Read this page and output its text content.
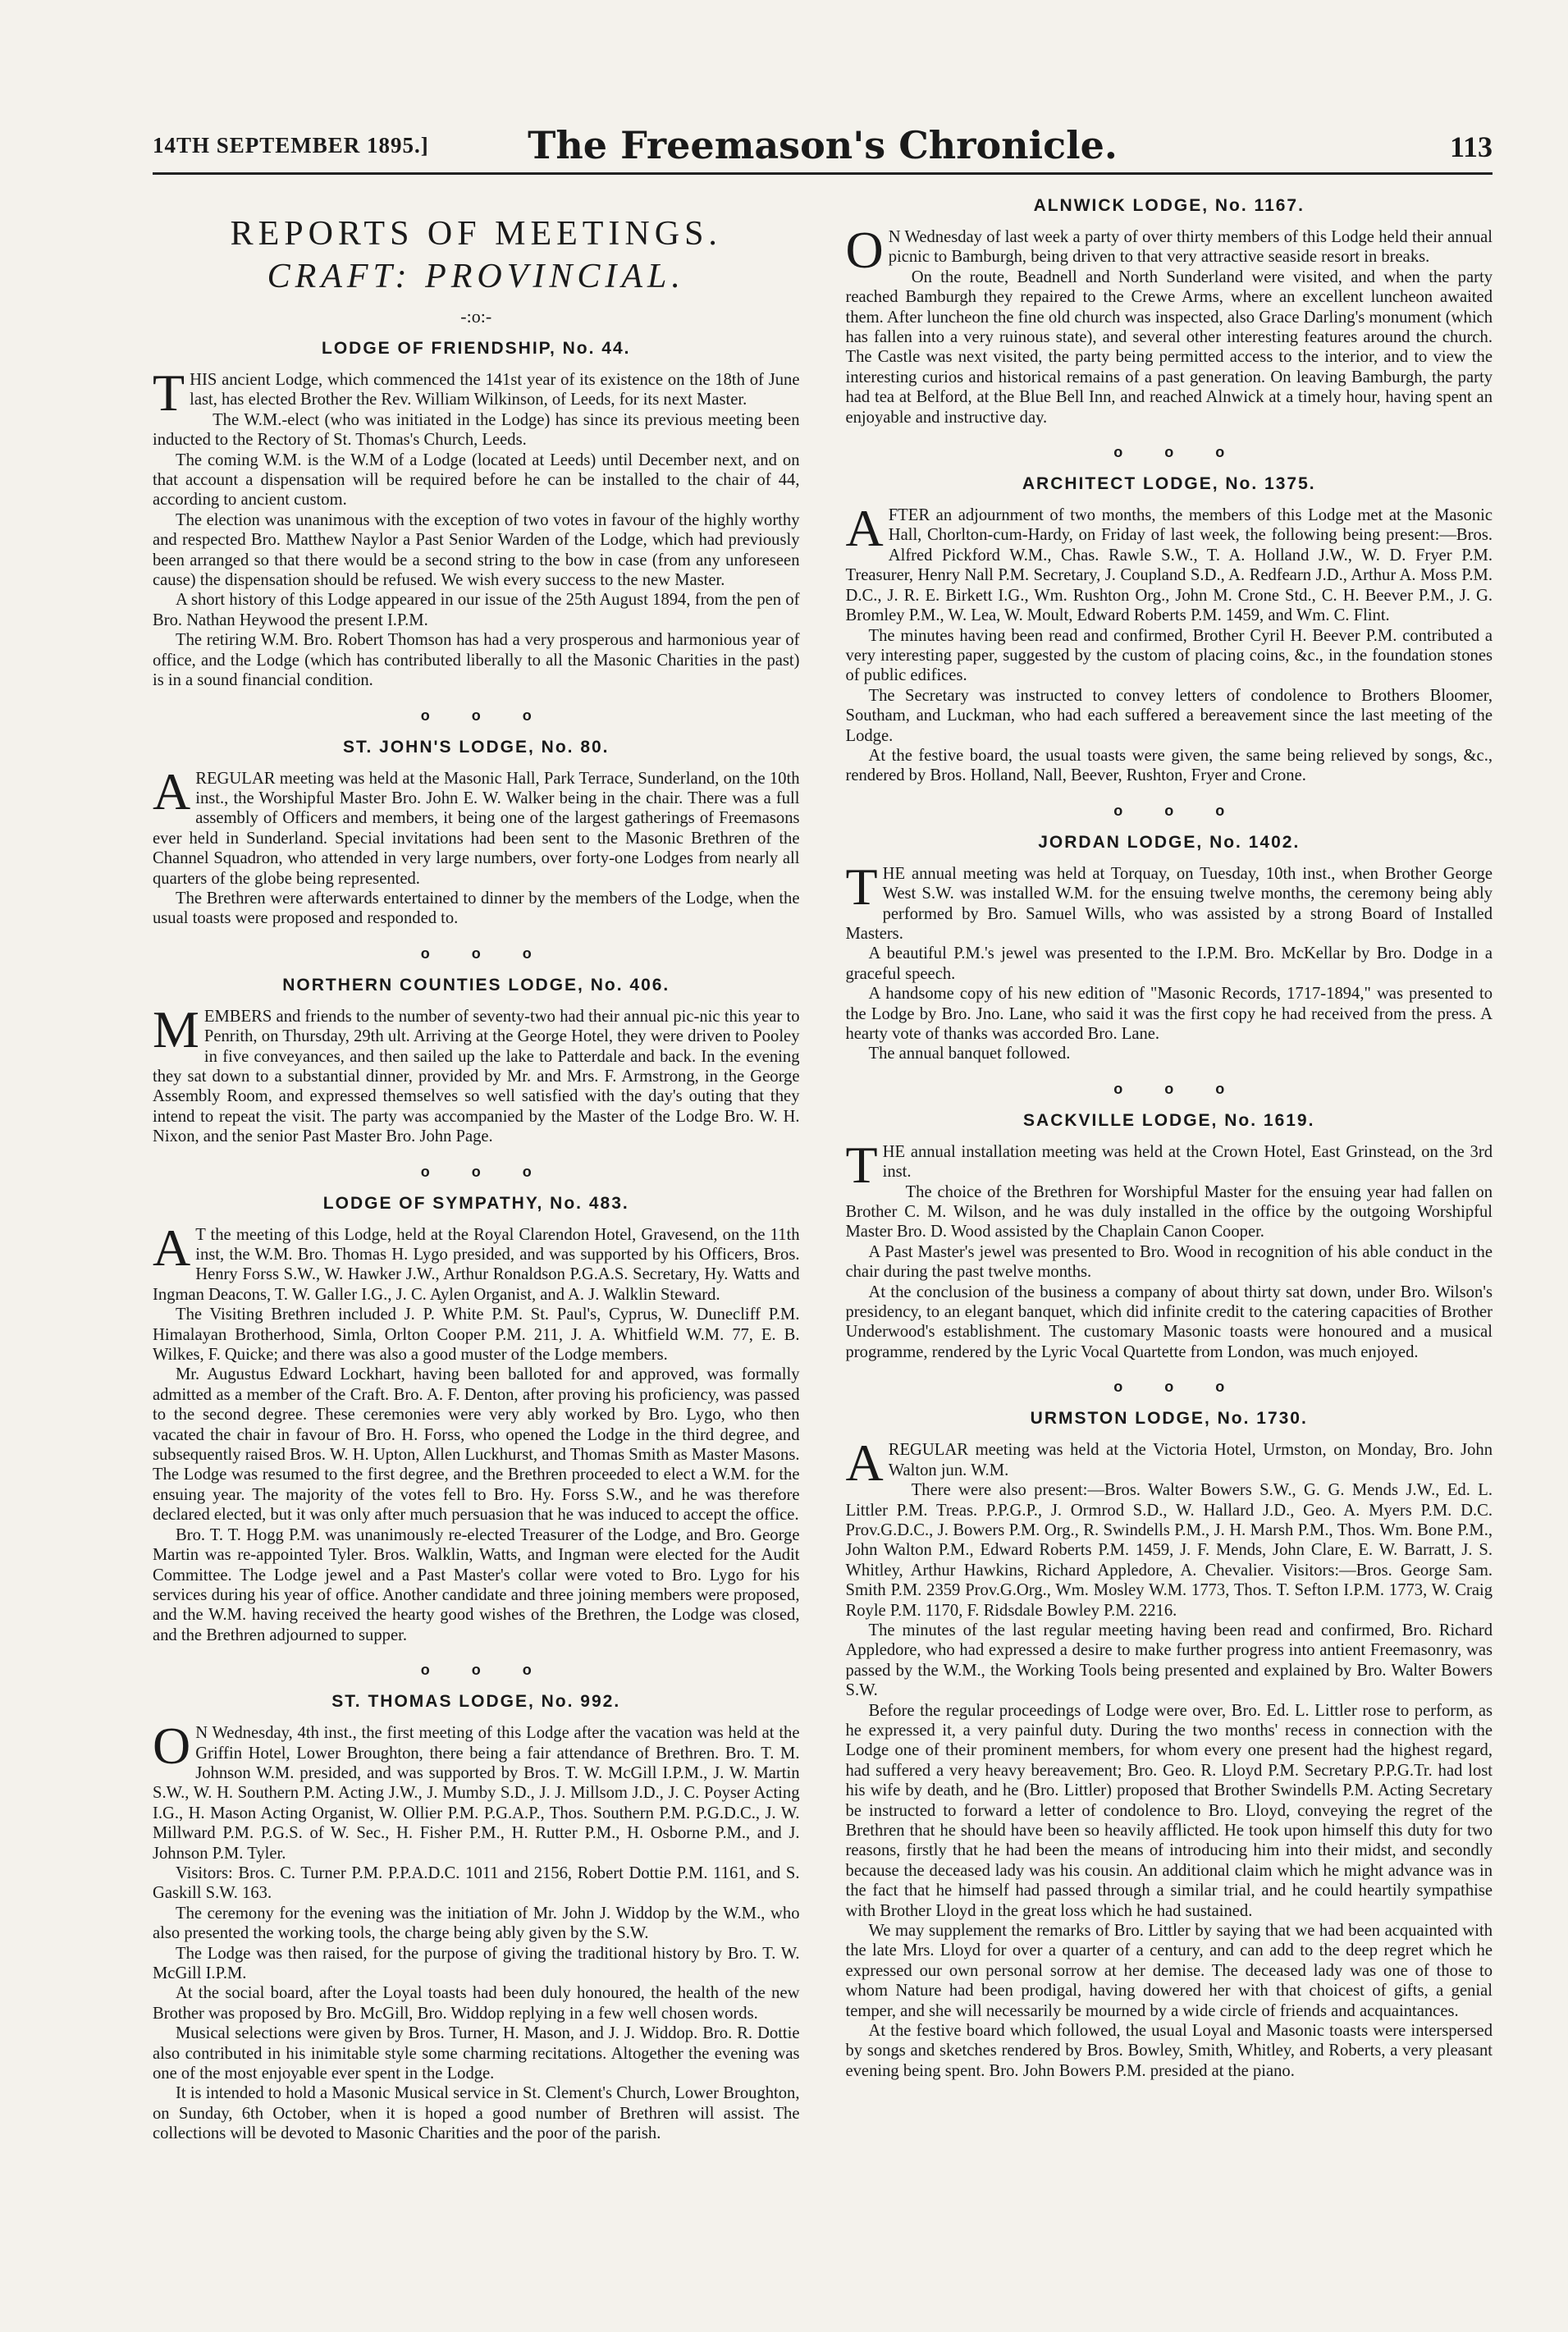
14TH SEPTEMBER 1895.]	The Freemason's Chronicle.	113
REPORTS OF MEETINGS.
CRAFT: PROVINCIAL.
-:o:-
LODGE OF FRIENDSHIP, No. 44.

THIS ancient Lodge, which commenced the 141st year of its existence on the 18th of June last, has elected Brother the Rev. William Wilkinson, of Leeds, for its next Master.

The W.M.-elect (who was initiated in the Lodge) has since its previous meeting been inducted to the Rectory of St. Thomas's Church, Leeds.

The coming W.M. is the W.M of a Lodge (located at Leeds) until December next, and on that account a dispensation will be required before he can be installed to the chair of 44, according to ancient custom.

The election was unanimous with the exception of two votes in favour of the highly worthy and respected Bro. Matthew Naylor a Past Senior Warden of the Lodge, which had previously been arranged so that there would be a second string to the bow in case (from any unforeseen cause) the dispensation should be refused. We wish every success to the new Master.

A short history of this Lodge appeared in our issue of the 25th August 1894, from the pen of Bro. Nathan Heywood the present I.P.M.

The retiring W.M. Bro. Robert Thomson has had a very prosperous and harmonious year of office, and the Lodge (which has contributed liberally to all the Masonic Charities in the past) is in a sound financial condition.

o o o
ST. JOHN'S LODGE, No. 80.

AREGULAR meeting was held at the Masonic Hall, Park Terrace, Sunderland, on the 10th inst., the Worshipful Master Bro. John E. W. Walker being in the chair. There was a full assembly of Officers and members, it being one of the largest gatherings of Freemasons ever held in Sunderland. Special invitations had been sent to the Masonic Brethren of the Channel Squadron, who attended in very large numbers, over forty-one Lodges from nearly all quarters of the globe being represented.

The Brethren were afterwards entertained to dinner by the members of the Lodge, when the usual toasts were proposed and responded to.

o o o
NORTHERN COUNTIES LODGE, No. 406.

MEMBERS and friends to the number of seventy-two had their annual pic-nic this year to Penrith, on Thursday, 29th ult. Arriving at the George Hotel, they were driven to Pooley in five conveyances, and then sailed up the lake to Patterdale and back. In the evening they sat down to a substantial dinner, provided by Mr. and Mrs. F. Armstrong, in the George Assembly Room, and expressed themselves so well satisfied with the day's outing that they intend to repeat the visit. The party was accompanied by the Master of the Lodge Bro. W. H. Nixon, and the senior Past Master Bro. John Page.

o o o
LODGE OF SYMPATHY, No. 483.

A T the meeting of this Lodge, held at the Royal Clarendon Hotel, Gravesend, on the 11th inst, the W.M. Bro. Thomas H. Lygo presided, and was supported by his Officers, Bros. Henry Forss S.W., W. Hawker J.W., Arthur Ronaldson P.G.A.S. Secretary, Hy. Watts and Ingman Deacons, T. W. Galler I.G., J. C. Aylen Organist, and A. J. Walklin Steward.

The Visiting Brethren included J. P. White P.M. St. Paul's, Cyprus, W. Dunecliff P.M. Himalayan Brotherhood, Simla, Orlton Cooper P.M. 211, J. A. Whitfield W.M. 77, E. B. Wilkes, F. Quicke; and there was also a good muster of the Lodge members.

Mr. Augustus Edward Lockhart, having been balloted for and approved, was formally admitted as a member of the Craft. Bro. A. F. Denton, after proving his proficiency, was passed to the second degree. These ceremonies were very ably worked by Bro. Lygo, who then vacated the chair in favour of Bro. H. Forss, who opened the Lodge in the third degree, and subsequently raised Bros. W. H. Upton, Allen Luckhurst, and Thomas Smith as Master Masons. The Lodge was resumed to the first degree, and the Brethren proceeded to elect a W.M. for the ensuing year. The majority of the votes fell to Bro. Hy. Forss S.W., and he was therefore declared elected, but it was only after much persuasion that he was induced to accept the office.

Bro. T. T. Hogg P.M. was unanimously re-elected Treasurer of the Lodge, and Bro. George Martin was re-appointed Tyler. Bros. Walklin, Watts, and Ingman were elected for the Audit Committee. The Lodge jewel and a Past Master's collar were voted to Bro. Lygo for his services during his year of office. Another candidate and three joining members were proposed, and the W.M. having received the hearty good wishes of the Brethren, the Lodge was closed, and the Brethren adjourned to supper.

o o o
ST. THOMAS LODGE, No. 992.

O N Wednesday, 4th inst., the first meeting of this Lodge after the vacation was held at the Griffin Hotel, Lower Broughton, there being a fair attendance of Brethren. Bro. T. M. Johnson W.M. presided, and was supported by Bros. T. W. McGill I.P.M., J. W. Martin S.W., W. H. Southern P.M. Acting J.W., J. Mumby S.D., J. J. Millsom J.D., J. C. Poyser Acting I.G., H. Mason Acting Organist, W. Ollier P.M. P.G.A.P., Thos. Southern P.M. P.G.D.C., J. W. Millward P.M. P.G.S. of W. Sec., H. Fisher P.M., H. Rutter P.M., H. Osborne P.M., and J. Johnson P.M. Tyler.

Visitors: Bros. C. Turner P.M. P.P.A.D.C. 1011 and 2156, Robert Dottie P.M. 1161, and S. Gaskill S.W. 163.

The ceremony for the evening was the initiation of Mr. John J. Widdop by the W.M., who also presented the working tools, the charge being ably given by the S.W.

The Lodge was then raised, for the purpose of giving the traditional history by Bro. T. W. McGill I.P.M.

At the social board, after the Loyal toasts had been duly honoured, the health of the new Brother was proposed by Bro. McGill, Bro. Widdop replying in a few well chosen words.

Musical selections were given by Bros. Turner, H. Mason, and J. J. Widdop. Bro. R. Dottie also contributed in his inimitable style some charming recitations. Altogether the evening was one of the most enjoyable ever spent in the Lodge.

It is intended to hold a Masonic Musical service in St. Clement's Church, Lower Broughton, on Sunday, 6th October, when it is hoped a good number of Brethren will assist. The collections will be devoted to Masonic Charities and the poor of the parish.

ALNWICK LODGE, No. 1167.

O N Wednesday of last week a party of over thirty members of this Lodge held their annual picnic to Bamburgh, being driven to that very attractive seaside resort in breaks.

On the route, Beadnell and North Sunderland were visited, and when the party reached Bamburgh they repaired to the Crewe Arms, where an excellent luncheon awaited them. After luncheon the fine old church was inspected, also Grace Darling's monument (which has fallen into a very ruinous state), and several other interesting features around the church. The Castle was next visited, the party being permitted access to the interior, and to view the interesting curios and historical remains of a past generation. On leaving Bamburgh, the party had tea at Belford, at the Blue Bell Inn, and reached Alnwick at a timely hour, having spent an enjoyable and instructive day.

o o o
ARCHITECT LODGE, No. 1375.

AFTER an adjournment of two months, the members of this Lodge met at the Masonic Hall, Chorlton-cum-Hardy, on Friday of last week, the following being present:—Bros. Alfred Pickford W.M., Chas. Rawle S.W., T. A. Holland J.W., W. D. Fryer P.M. Treasurer, Henry Nall P.M. Secretary, J. Coupland S.D., A. Redfearn J.D., Arthur A. Moss P.M. D.C., J. R. E. Birkett I.G., Wm. Rushton Org., John M. Crone Std., C. H. Beever P.M., J. G. Bromley P.M., W. Lea, W. Moult, Edward Roberts P.M. 1459, and Wm. C. Flint.

The minutes having been read and confirmed, Brother Cyril H. Beever P.M. contributed a very interesting paper, suggested by the custom of placing coins, &c., in the foundation stones of public edifices.

The Secretary was instructed to convey letters of condolence to Brothers Bloomer, Southam, and Luckman, who had each suffered a bereavement since the last meeting of the Lodge.

At the festive board, the usual toasts were given, the same being relieved by songs, &c., rendered by Bros. Holland, Nall, Beever, Rushton, Fryer and Crone.

o o o
JORDAN LODGE, No. 1402.

THE annual meeting was held at Torquay, on Tuesday, 10th inst., when Brother George West S.W. was installed W.M. for the ensuing twelve months, the ceremony being ably performed by Bro. Samuel Wills, who was assisted by a strong Board of Installed Masters.

A beautiful P.M.'s jewel was presented to the I.P.M. Bro. McKellar by Bro. Dodge in a graceful speech.

A handsome copy of his new edition of "Masonic Records, 1717-1894," was presented to the Lodge by Bro. Jno. Lane, who said it was the first copy he had received from the press. A hearty vote of thanks was accorded Bro. Lane.

The annual banquet followed.

o o o
SACKVILLE LODGE, No. 1619.

THE annual installation meeting was held at the Crown Hotel, East Grinstead, on the 3rd inst.

The choice of the Brethren for Worshipful Master for the ensuing year had fallen on Brother C. M. Wilson, and he was duly installed in the office by the outgoing Worshipful Master Bro. D. Wood assisted by the Chaplain Canon Cooper.

A Past Master's jewel was presented to Bro. Wood in recognition of his able conduct in the chair during the past twelve months.

At the conclusion of the business a company of about thirty sat down, under Bro. Wilson's presidency, to an elegant banquet, which did infinite credit to the catering capacities of Brother Underwood's establishment. The customary Masonic toasts were honoured and a musical programme, rendered by the Lyric Vocal Quartette from London, was much enjoyed.

o o o
URMSTON LODGE, No. 1730.

AREGULAR meeting was held at the Victoria Hotel, Urmston, on Monday, Bro. John Walton jun. W.M.

There were also present:—Bros. Walter Bowers S.W., G. G. Mends J.W., Ed. L. Littler P.M. Treas. P.P.G.P., J. Ormrod S.D., W. Hallard J.D., Geo. A. Myers P.M. D.C. Prov.G.D.C., J. Bowers P.M. Org., R. Swindells P.M., J. H. Marsh P.M., Thos. Wm. Bone P.M., John Walton P.M., Edward Roberts P.M. 1459, J. F. Mends, John Clare, E. W. Barratt, J. S. Whitley, Arthur Hawkins, Richard Appledore, A. Chevalier. Visitors:—Bros. George Sam. Smith P.M. 2359 Prov.G.Org., Wm. Mosley W.M. 1773, Thos. T. Sefton I.P.M. 1773, W. Craig Royle P.M. 1170, F. Ridsdale Bowley P.M. 2216.

The minutes of the last regular meeting having been read and confirmed, Bro. Richard Appledore, who had expressed a desire to make further progress into antient Freemasonry, was passed by the W.M., the Working Tools being presented and explained by Bro. Walter Bowers S.W.

Before the regular proceedings of Lodge were over, Bro. Ed. L. Littler rose to perform, as he expressed it, a very painful duty. During the two months' recess in connection with the Lodge one of their prominent members, for whom every one present had the highest regard, had suffered a very heavy bereavement; Bro. Geo. R. Lloyd P.M. Secretary P.P.G.Tr. had lost his wife by death, and he (Bro. Littler) proposed that Brother Swindells P.M. Acting Secretary be instructed to forward a letter of condolence to Bro. Lloyd, conveying the regret of the Brethren that he should have been so heavily afflicted. He took upon himself this duty for two reasons, firstly that he had been the means of introducing him into their midst, and secondly because the deceased lady was his cousin. An additional claim which he might advance was in the fact that he himself had passed through a similar trial, and he could heartily sympathise with Brother Lloyd in the great loss which he had sustained.

We may supplement the remarks of Bro. Littler by saying that we had been acquainted with the late Mrs. Lloyd for over a quarter of a century, and can add to the deep regret which he expressed our own personal sorrow at her demise. The deceased lady was one of those to whom Nature had been prodigal, having dowered her with that choicest of gifts, a genial temper, and she will necessarily be mourned by a wide circle of friends and acquaintances.

At the festive board which followed, the usual Loyal and Masonic toasts were interspersed by songs and sketches rendered by Bros. Bowley, Smith, Whitley, and Roberts, a very pleasant evening being spent. Bro. John Bowers P.M. presided at the piano.
